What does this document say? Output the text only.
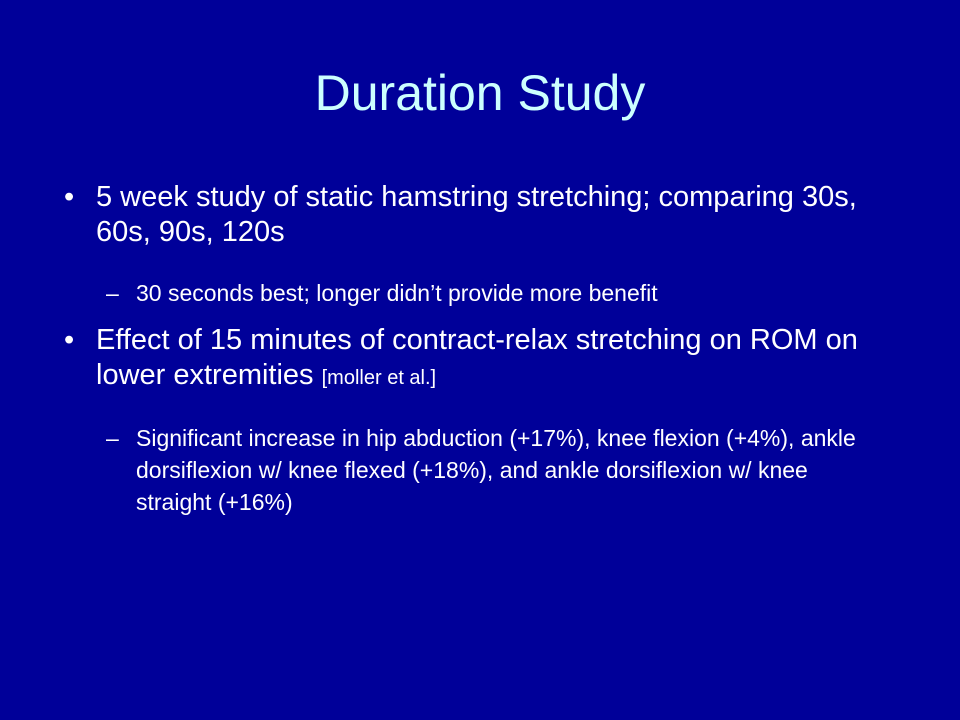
Duration Study
• 5 week study of static hamstring stretching; comparing 30s, 60s, 90s, 120s
– 30 seconds best; longer didn’t provide more benefit
• Effect of 15 minutes of contract-relax stretching on ROM on lower extremities [moller et al.]
– Significant increase in hip abduction (+17%), knee flexion (+4%), ankle dorsiflexion w/ knee flexed (+18%), and ankle dorsiflexion w/ knee straight (+16%)
